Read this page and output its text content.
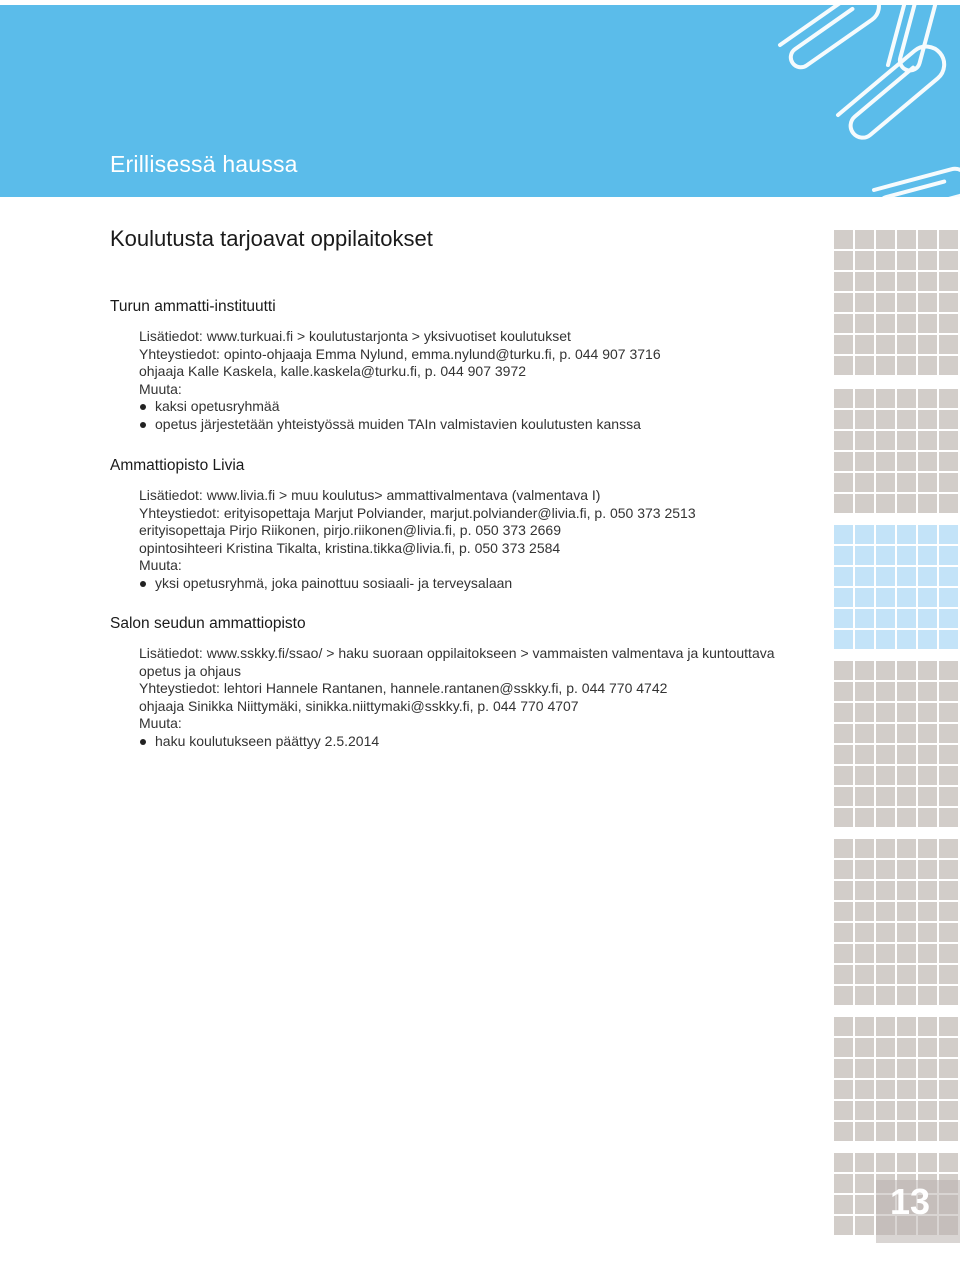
Erillisessä haussa
Koulutusta tarjoavat oppilaitokset
Turun ammatti-instituutti
Lisätiedot: www.turkuai.fi > koulutustarjonta > yksivuotiset koulutukset
Yhteystiedot: opinto-ohjaaja Emma Nylund, emma.nylund@turku.fi, p. 044 907 3716
ohjaaja Kalle Kaskela, kalle.kaskela@turku.fi, p. 044 907 3972
Muuta:
kaksi opetusryhmää
opetus järjestetään yhteistyössä muiden TAIn valmistavien koulutusten kanssa
Ammattiopisto Livia
Lisätiedot: www.livia.fi > muu koulutus> ammattivalmentava (valmentava I)
Yhteystiedot: erityisopettaja Marjut Polviander, marjut.polviander@livia.fi, p. 050 373 2513
erityisopettaja Pirjo Riikonen, pirjo.riikonen@livia.fi, p. 050 373 2669
opintosihteeri Kristina Tikalta, kristina.tikka@livia.fi, p. 050 373 2584
Muuta:
yksi opetusryhmä, joka painottuu sosiaali- ja terveysalaan
Salon seudun ammattiopisto
Lisätiedot: www.sskky.fi/ssao/ > haku suoraan oppilaitokseen > vammaisten valmentava ja kuntouttava
opetus ja ohjaus
Yhteystiedot: lehtori Hannele Rantanen, hannele.rantanen@sskky.fi, p. 044 770 4742
ohjaaja Sinikka Niittymäki, sinikka.niittymaki@sskky.fi, p. 044 770 4707
Muuta:
haku koulutukseen päättyy 2.5.2014
13
